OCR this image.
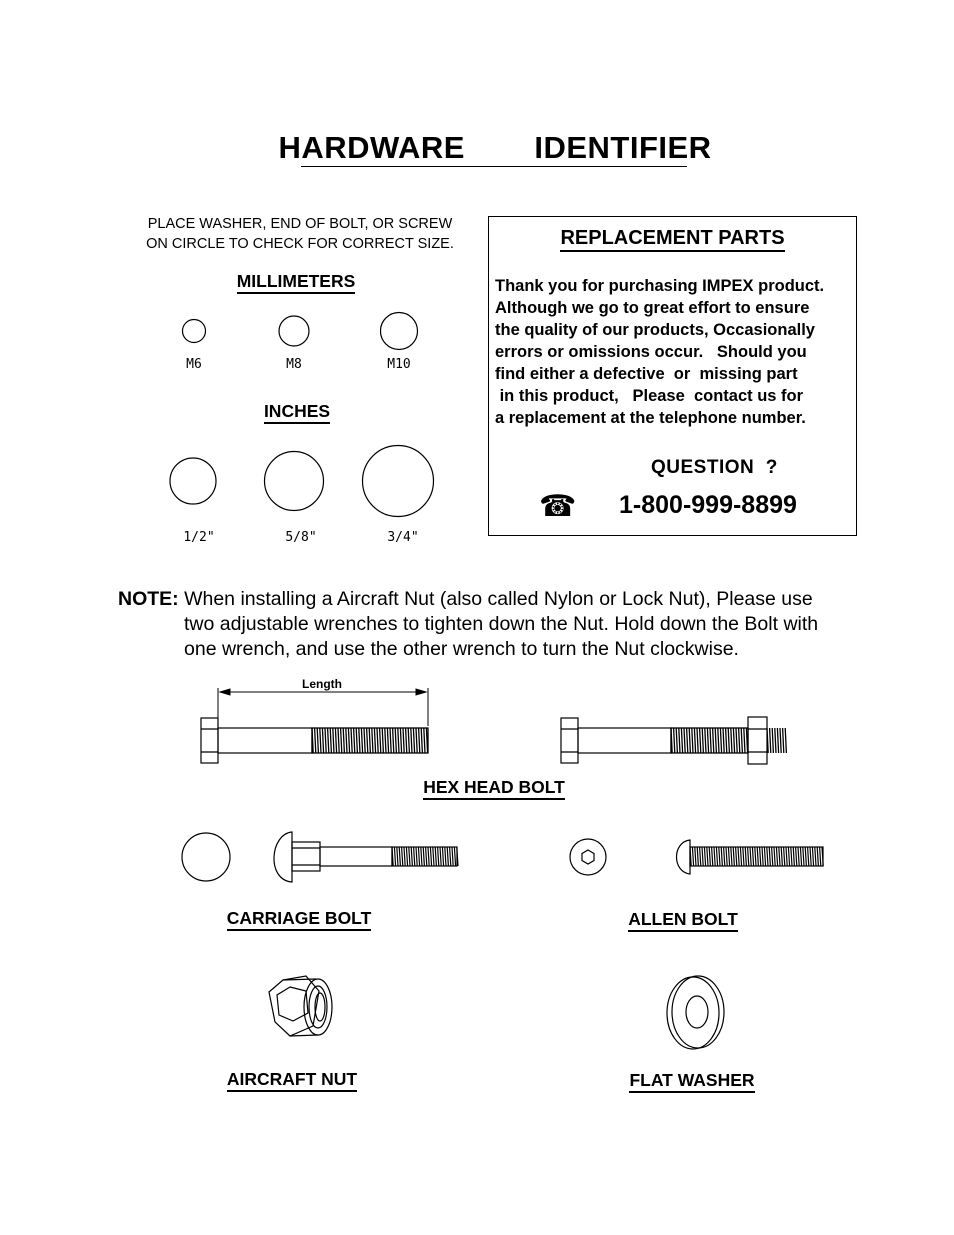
HARDWARE   IDENTIFIER
PLACE WASHER, END OF BOLT, OR SCREW
ON CIRCLE TO CHECK FOR CORRECT SIZE.
MILLIMETERS
M6	M8	M10
INCHES
1/2"	5/8"	3/4"
REPLACEMENT PARTS
Thank you for purchasing IMPEX product.
Although we go to great effort to ensure
the quality of our products, Occasionally
errors or omissions occur.   Should you
find either a defective  or  missing part
in this product,   Please  contact us for
a replacement at the telephone number.
QUESTION  ?
☎ 1-800-999-8899
NOTE: When installing a Aircraft Nut (also called Nylon or Lock Nut), Please use
two adjustable wrenches to tighten down the Nut. Hold down the Bolt with
one wrench, and use the other wrench to turn the Nut clockwise.
Length
HEX HEAD BOLT
CARRIAGE BOLT	ALLEN BOLT
AIRCRAFT NUT	FLAT WASHER
